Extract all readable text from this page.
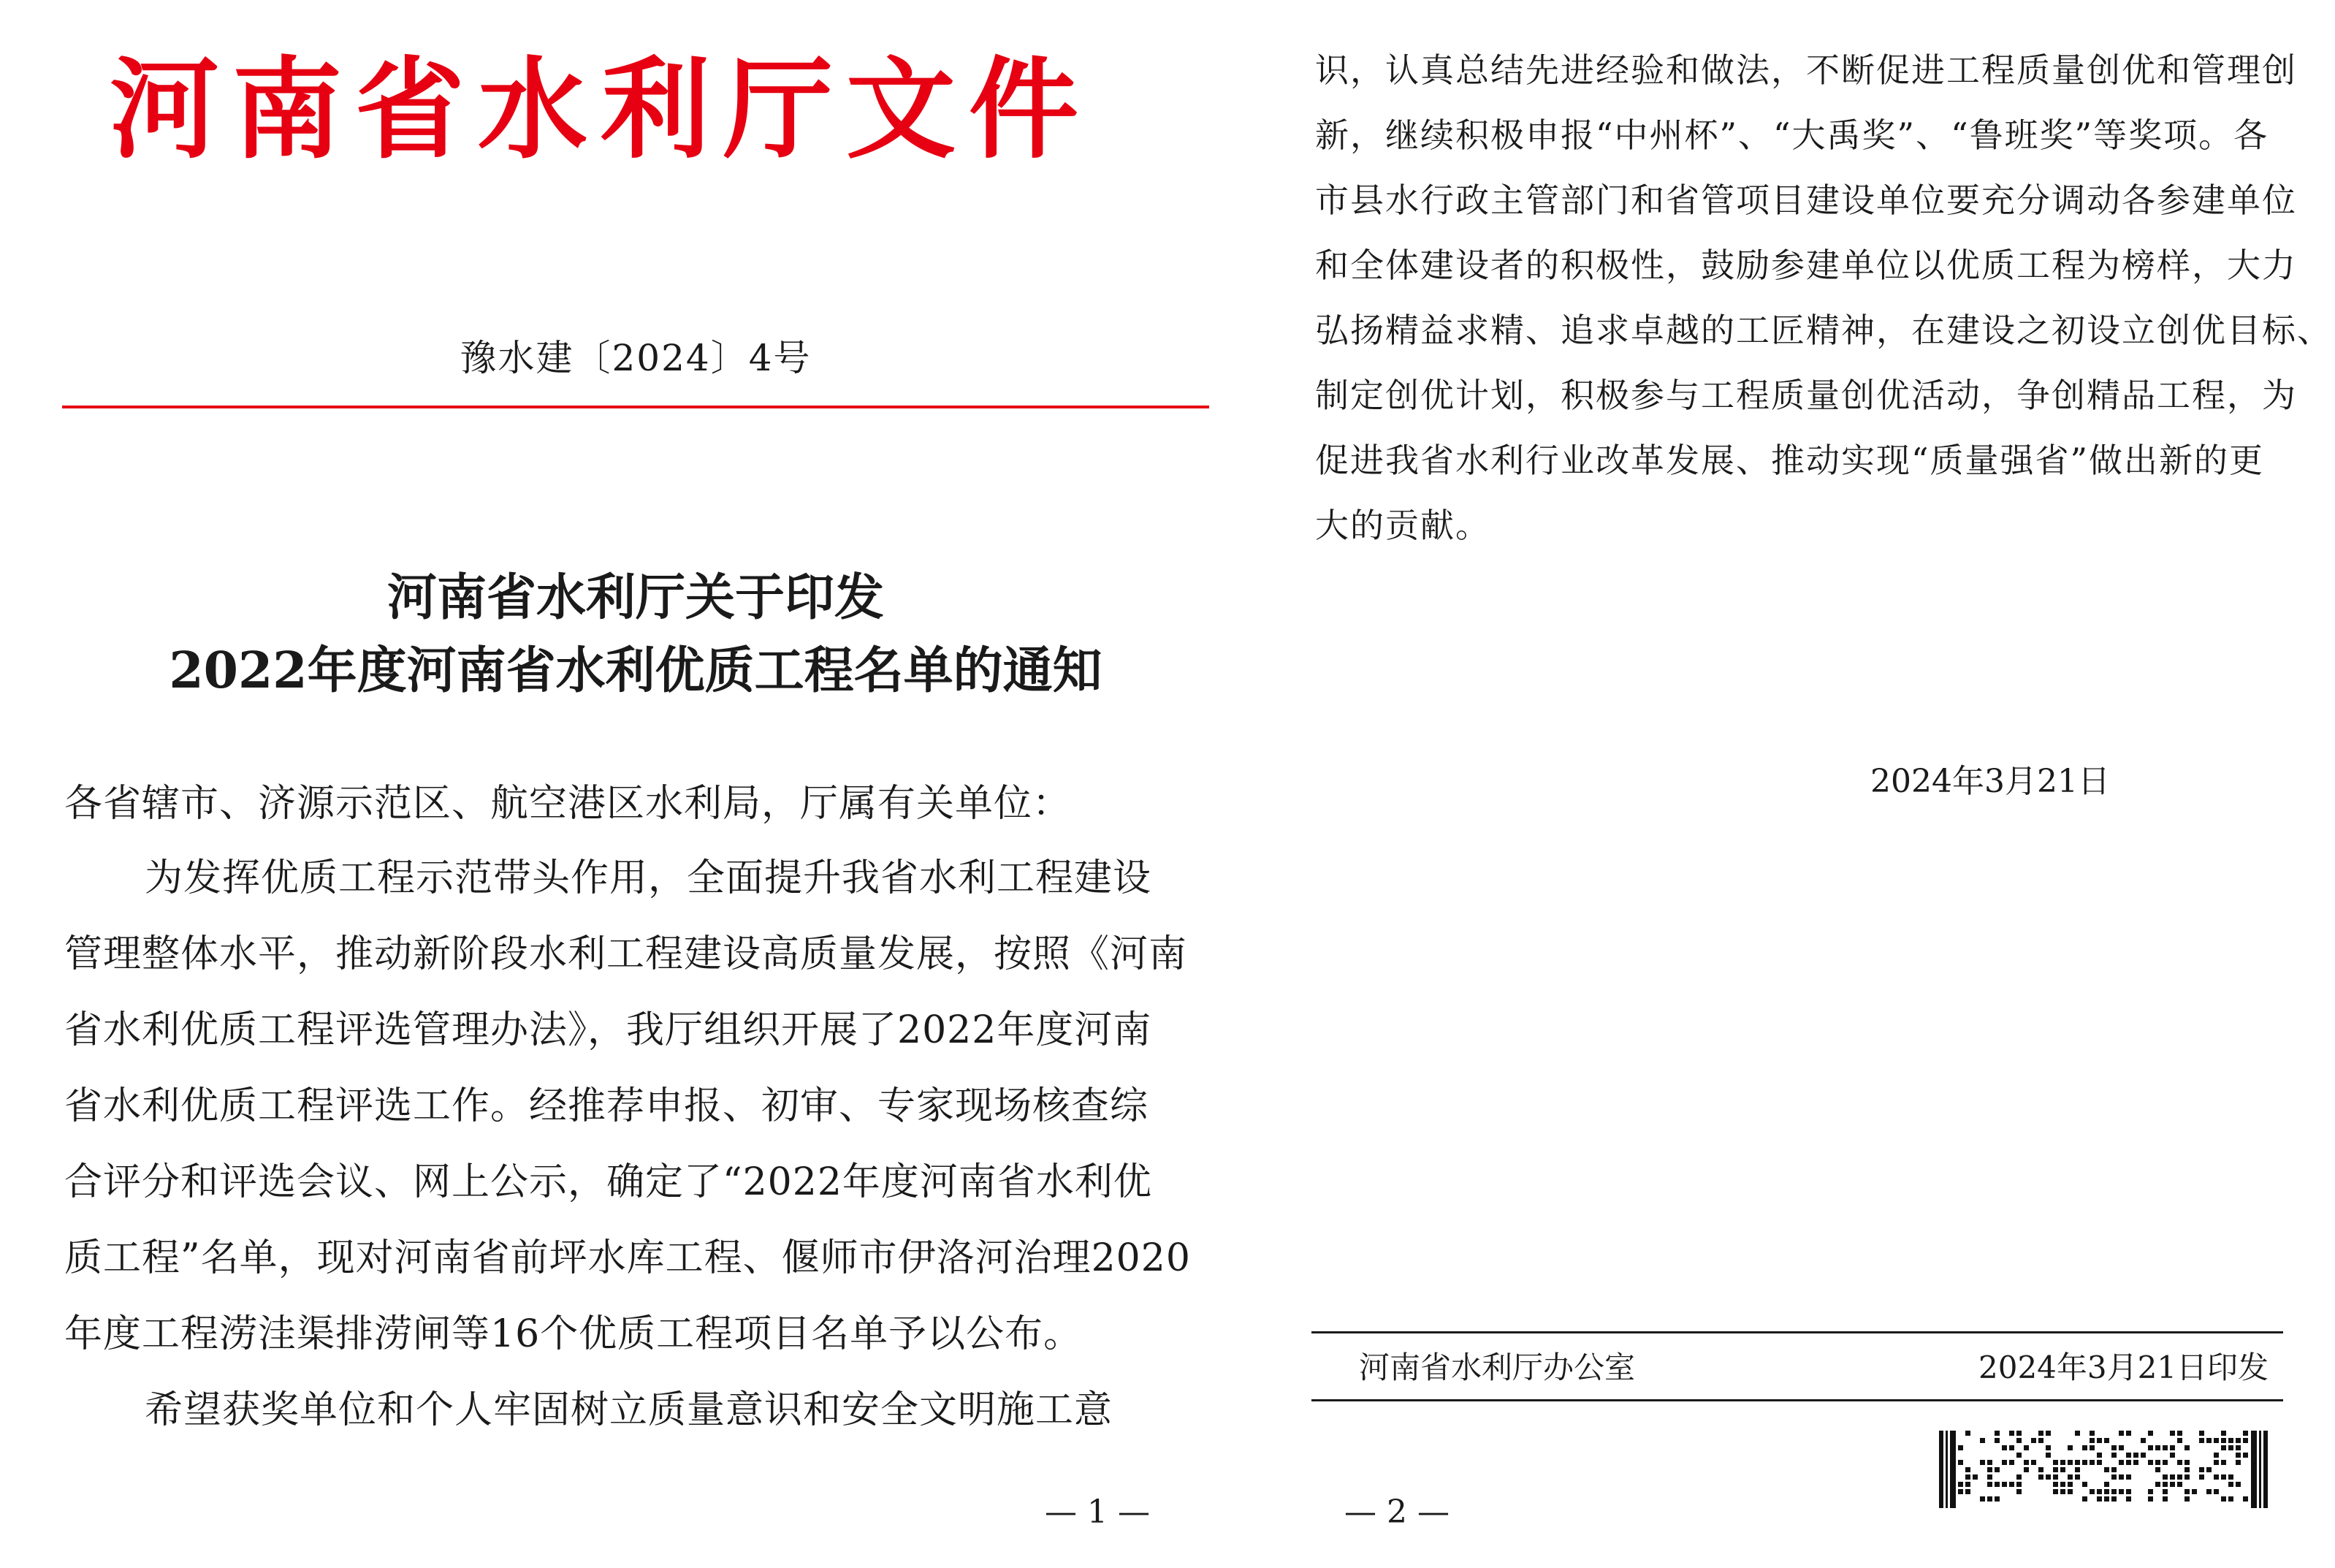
河南省水利厅文件
豫水建〔2024〕4号
河南省水利厅关于印发
2022年度河南省水利优质工程名单的通知
各省辖市、济源示范区、航空港区水利局，厅属有关单位：
为发挥优质工程示范带头作用，全面提升我省水利工程建设
管理整体水平，推动新阶段水利工程建设高质量发展，按照《河南
省水利优质工程评选管理办法》，我厅组织开展了2022年度河南
省水利优质工程评选工作。经推荐申报、初审、专家现场核查综
合评分和评选会议、网上公示，确定了“2022年度河南省水利优
质工程”名单，现对河南省前坪水库工程、偃师市伊洛河治理2020
年度工程涝洼渠排涝闸等16个优质工程项目名单予以公布。
希望获奖单位和个人牢固树立质量意识和安全文明施工意
— 1 —
识，认真总结先进经验和做法，不断促进工程质量创优和管理创
新，继续积极申报“中州杯”、“大禹奖”、“鲁班奖”等奖项。各
市县水行政主管部门和省管项目建设单位要充分调动各参建单位
和全体建设者的积极性，鼓励参建单位以优质工程为榜样，大力
弘扬精益求精、追求卓越的工匠精神，在建设之初设立创优目标、
制定创优计划，积极参与工程质量创优活动，争创精品工程，为
促进我省水利行业改革发展、推动实现“质量强省”做出新的更
大的贡献。
2024年3月21日
河南省水利厅办公室	2024年3月21日印发
— 2 —
